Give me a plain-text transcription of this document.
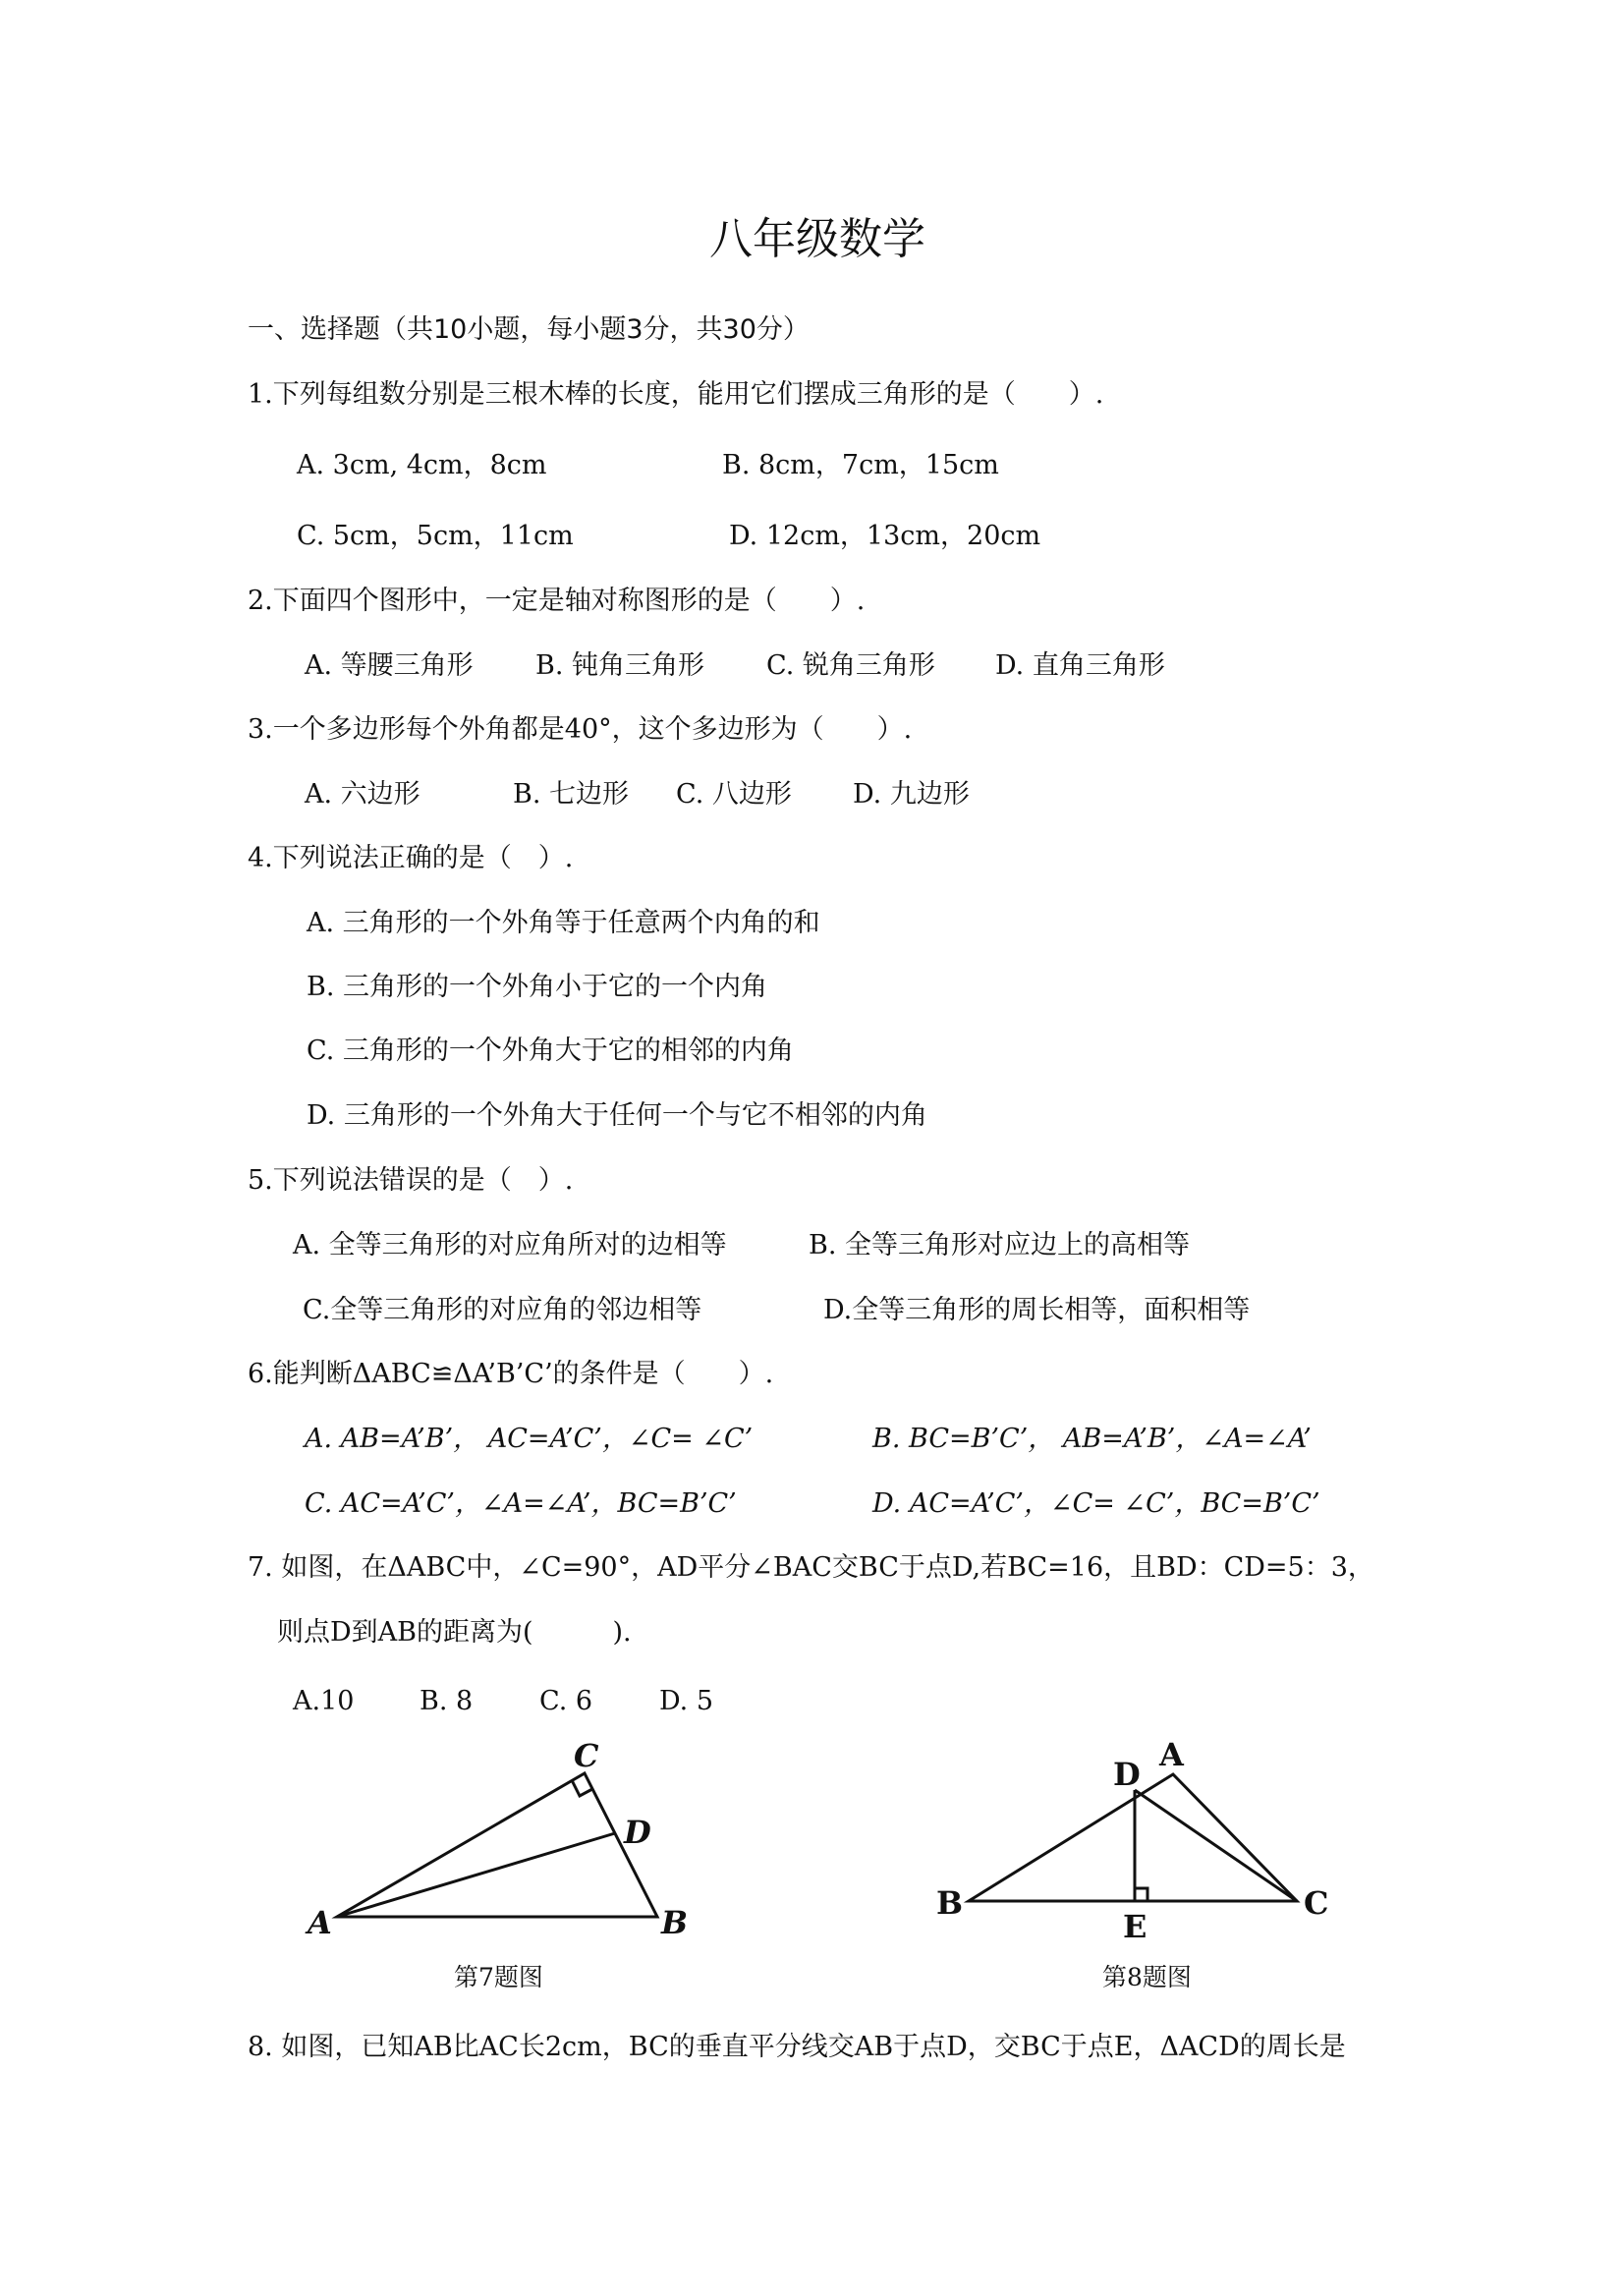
八年级数学
一、选择题（共10小题，每小题3分，共30分）
1.下列每组数分别是三根木棒的长度，能用它们摆成三角形的是（　　）.
A. 3cm, 4cm，8cm	B. 8cm，7cm，15cm
C. 5cm，5cm，11cm	D. 12cm，13cm，20cm
2.下面四个图形中，一定是轴对称图形的是（　　）.
A. 等腰三角形 B. 钝角三角形 C. 锐角三角形 D. 直角三角形
3.一个多边形每个外角都是40°，这个多边形为（　　）.
A. 六边形	B. 七边形 C. 八边形 D. 九边形
4.下列说法正确的是（　）.
A. 三角形的一个外角等于任意两个内角的和
B. 三角形的一个外角小于它的一个内角
C. 三角形的一个外角大于它的相邻的内角
D. 三角形的一个外角大于任何一个与它不相邻的内角
5.下列说法错误的是（　）.
A. 全等三角形的对应角所对的边相等	B. 全等三角形对应边上的高相等
C.全等三角形的对应角的邻边相等	D.全等三角形的周长相等，面积相等
6.能判断ΔABC≌ΔA’B’C’的条件是（　　）.
A. AB=A’B’， AC=A’C’，∠C= ∠C’	B. BC=B’C’， AB=A’B’，∠A=∠A’
C. AC=A’C’，∠A=∠A’，BC=B’C’	D. AC=A’C’，∠C= ∠C’，BC=B’C’
7. 如图，在ΔABC中，∠C=90°，AD平分∠BAC交BC于点D,若BC=16，且BD：CD=5：3，
则点D到AB的距离为(　　　).
A.10 B. 8	C. 6	D. 5
A	B
C
D
A
B	C
D
E
第7题图	第8题图
8. 如图，已知AB比AC长2cm，BC的垂直平分线交AB于点D，交BC于点E，ΔACD的周长是
